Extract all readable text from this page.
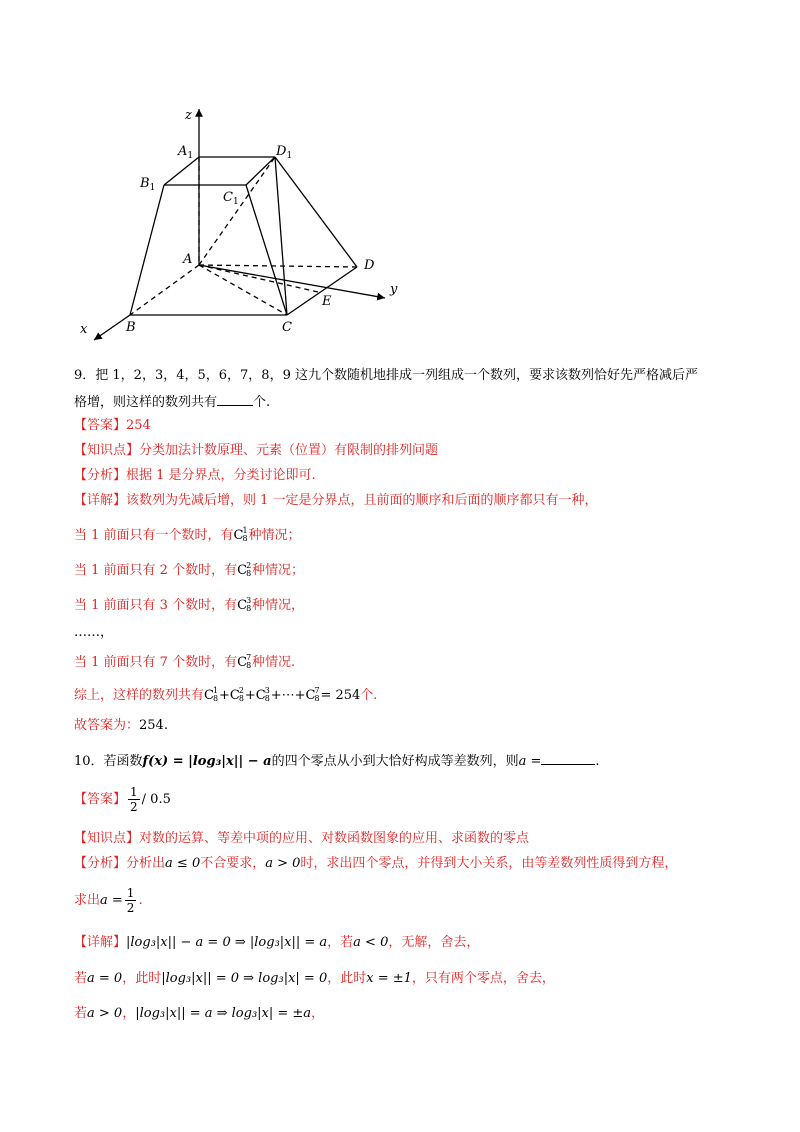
z
x
y
$A_1$
$B_1$
$C_1$
$D_1$
A
B	C
D
E
9．把 1，2，3，4，5，6，7，8，9 这九个数随机地排成一列组成一个数列，要求该数列恰好先严格减后严
格增，则这样的数列共有	个.
【答案】254
【知识点】分类加法计数原理、元素（位置）有限制的排列问题
【分析】根据 1 是分界点，分类讨论即可.
【详解】该数列为先减后增，则 1 一定是分界点，且前面的顺序和后面的顺序都只有一种，
当 1 前面只有一个数时，有C 1
8 种情况；
当 1 前面只有 2 个数时，有C 2
8 种情况；
当 1 前面只有 3 个数时，有C 3
8 种情况，
……，
当 1 前面只有 7 个数时，有C 7
8 种情况.
综上，这样的数列共有C 1
8 +C 2
8 +C 3
8 +⋯+C 7
8 = 254个.
故答案为：254.
10．若函数f(x) = |log₃|x|| − a的四个零点从小到大恰好构成等差数列，则a =	.
【答案】 $\frac{1}{2} / 0.5$
【知识点】对数的运算、等差中项的应用、对数函数图象的应用、求函数的零点
【分析】分析出a ≤ 0不合要求，a > 0时，求出四个零点，并得到大小关系，由等差数列性质得到方程，
求出$a = \frac{1}{2}$ .
【详解】|log₃|x|| − a = 0 ⇒ |log₃|x|| = a，若a < 0，无解，舍去，
若a = 0，此时|log₃|x|| = 0 ⇒ log₃|x| = 0，此时x = ±1，只有两个零点，舍去，
若a > 0，|log₃|x|| = a ⇒ log₃|x| = ±a，
